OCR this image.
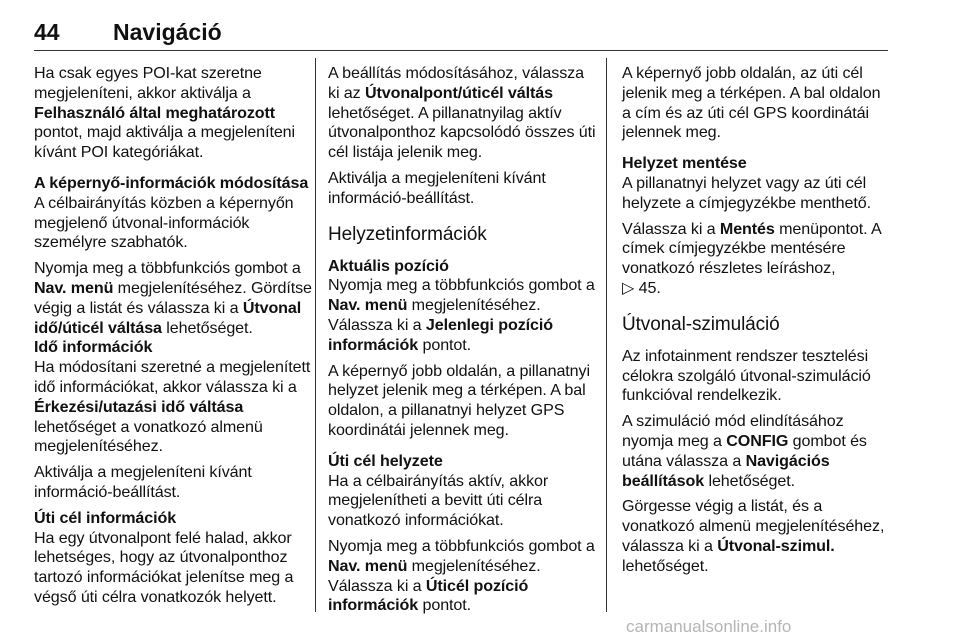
44 Navigáció

Ha csak egyes POI-kat szeretne megjeleníteni, akkor aktiválja a Felhasználó által meghatározott pontot, majd aktiválja a megjeleníteni kívánt POI kategóriákat.

A képernyő-információk módosítása

A célbairányítás közben a képernyőn megjelenő útvonal-információk személyre szabhatók.

Nyomja meg a többfunkciós gombot a Nav. menü megjelenítéséhez. Gördítse végig a listát és válassza ki a Útvonal idő/úticél váltása lehetőséget.

Idő információk

Ha módosítani szeretné a megjelenített idő információkat, akkor válassza ki a Érkezési/utazási idő váltása lehetőséget a vonatkozó almenü megjelenítéséhez.

Aktiválja a megjeleníteni kívánt információ-beállítást.

Úti cél információk

Ha egy útvonalpont felé halad, akkor lehetséges, hogy az útvonalponthoz tartozó információkat jelenítse meg a végső úti célra vonatkozók helyett.

A beállítás módosításához, válassza ki az Útvonalpont/úticél váltás lehetőséget. A pillanatnyilag aktív útvonalponthoz kapcsolódó összes úti cél listája jelenik meg.

Aktiválja a megjeleníteni kívánt információ-beállítást.

Helyzetinformációk

Aktuális pozíció

Nyomja meg a többfunkciós gombot a Nav. menü megjelenítéséhez. Válassza ki a Jelenlegi pozíció információk pontot.

A képernyő jobb oldalán, a pillanatnyi helyzet jelenik meg a térképen. A bal oldalon, a pillanatnyi helyzet GPS koordinátái jelennek meg.

Úti cél helyzete

Ha a célbairányítás aktív, akkor megjelenítheti a bevitt úti célra vonatkozó információkat.

Nyomja meg a többfunkciós gombot a Nav. menü megjelenítéséhez. Válassza ki a Úticél pozíció információk pontot.

A képernyő jobb oldalán, az úti cél jelenik meg a térképen. A bal oldalon a cím és az úti cél GPS koordinátái jelennek meg.

Helyzet mentése

A pillanatnyi helyzet vagy az úti cél helyzete a címjegyzékbe menthető.

Válassza ki a Mentés menüpontot. A címek címjegyzékbe mentésére vonatkozó részletes leíráshoz,
▷ 45.

Útvonal-szimuláció

Az infotainment rendszer tesztelési célokra szolgáló útvonal-szimuláció funkcióval rendelkezik.

A szimuláció mód elindításához nyomja meg a CONFIG gombot és utána válassza a Navigációs beállítások lehetőséget.

Görgesse végig a listát, és a vonatkozó almenü megjelenítéséhez, válassza ki a Útvonal-szimul. lehetőséget.

carmanualsonline.info
